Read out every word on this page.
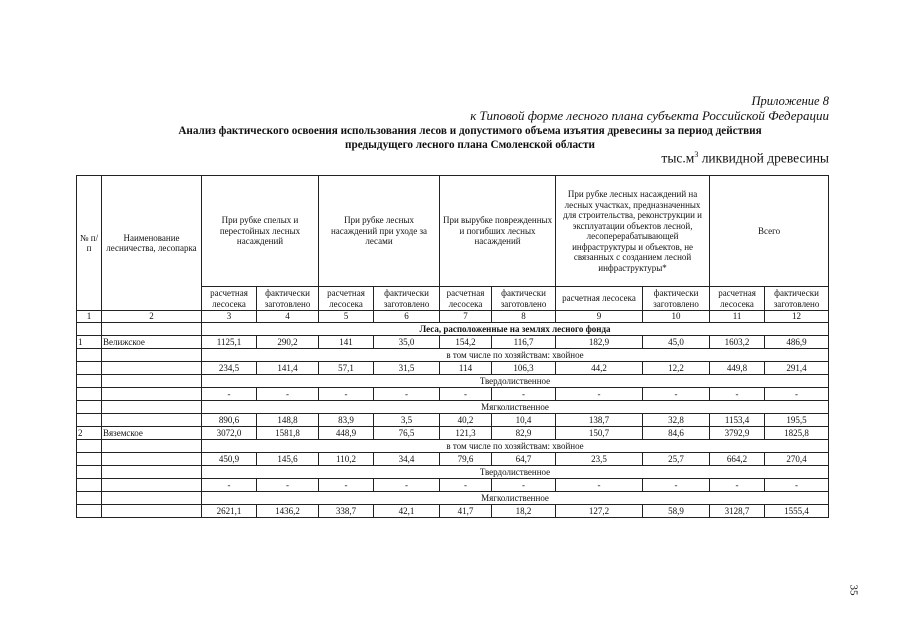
Приложение 8
к Типовой форме лесного плана субъекта Российской Федерации
Анализ фактического освоения использования лесов и допустимого объема изъятия древесины за период действия
предыдущего лесного плана Смоленской области
$тыс.м^3$ ликвидной древесины
№ п/п	Наименование лесничества, лесопарка	При рубке спелых и перестойных лесных насаждений		При рубке лесных насаждений при уходе за лесами		При вырубке поврежденных и погибших лесных насаждений		При рубке лесных насаждений на лесных участках, предназначенных для строительства, реконструкции и эксплуатации объектов лесной, лесоперерабатывающей инфраструктуры и объектов, не связанных с созданием лесной инфраструктуры*		Всего	
		расчетная лесосека	фактически заготовлено	расчетная лесосека	фактически заготовлено	расчетная лесосека	фактически заготовлено	расчетная лесосека	фактически заготовлено	расчетная лесосека	фактически заготовлено
1	2	3	4	5	6	7	8	9	10	11	12
		Леса, расположенные на землях лесного фонда									
1	Велижское	1125,1	290,2	141	35,0	154,2	116,7	182,9	45,0	1603,2	486,9
		в том числе по хозяйствам: хвойное									
		234,5	141,4	57,1	31,5	114	106,3	44,2	12,2	449,8	291,4
		Твердолиственное									
		-	-	-	-	-	-	-	-	-	-
		Мягколиственное									
		890,6	148,8	83,9	3,5	40,2	10,4	138,7	32,8	1153,4	195,5
2	Вяземское	3072,0	1581,8	448,9	76,5	121,3	82,9	150,7	84,6	3792,9	1825,8
		в том числе по хозяйствам: хвойное									
		450,9	145,6	110,2	34,4	79,6	64,7	23,5	25,7	664,2	270,4
		Твердолиственное									
		-	-	-	-	-	-	-	-	-	-
		Мягколиственное									
		2621,1	1436,2	338,7	42,1	41,7	18,2	127,2	58,9	3128,7	1555,4
35
